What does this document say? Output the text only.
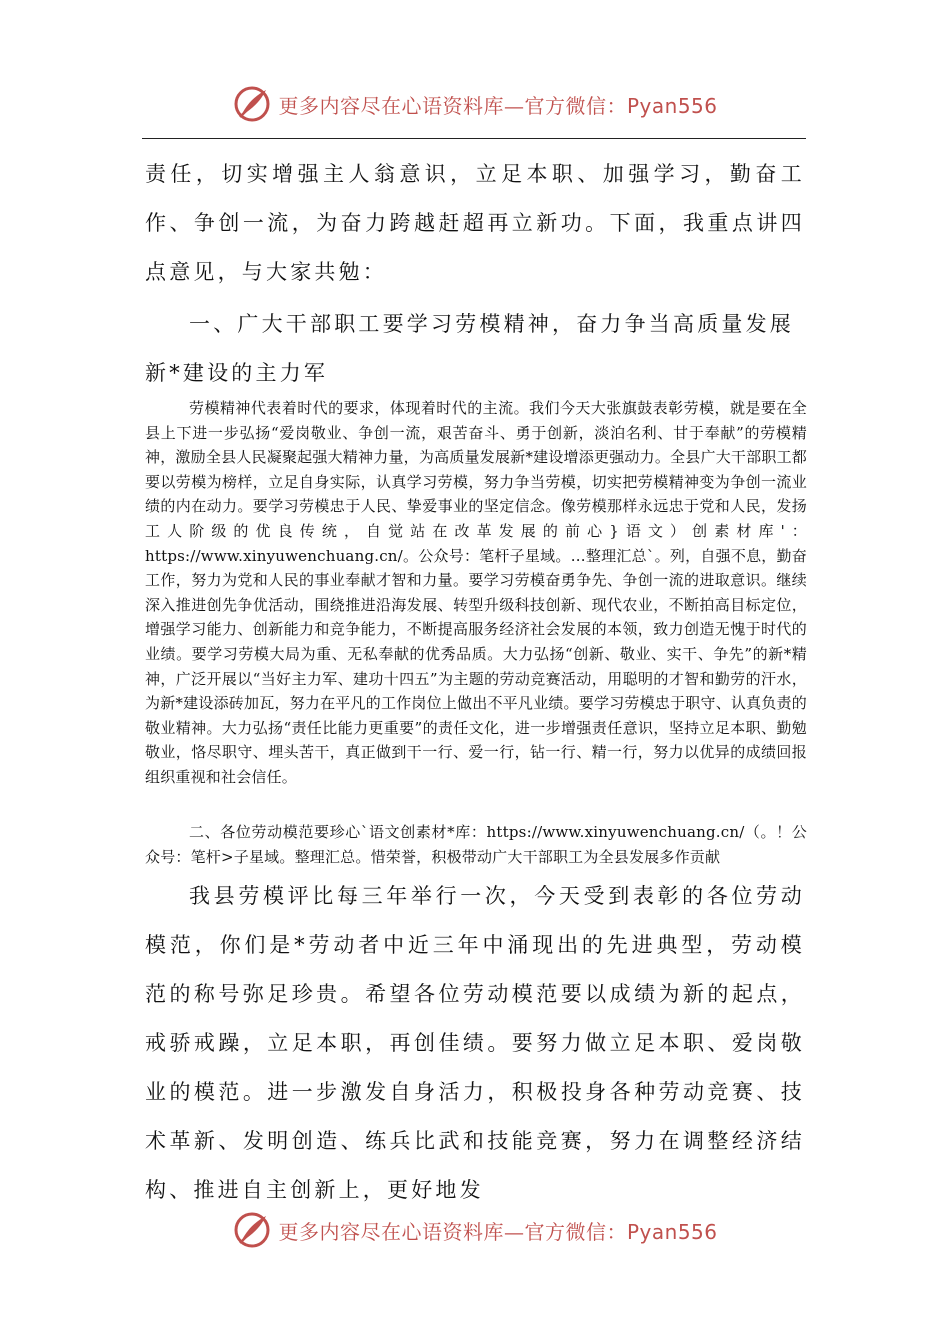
更多内容尽在心语资料库—官方微信：Pyan556

责任，切实增强主人翁意识，立足本职、加强学习，勤奋工作、争创一流，为奋力跨越赶超再立新功。下面，我重点讲四点意见，与大家共勉：

一、广大干部职工要学习劳模精神，奋力争当高质量发展新*建设的主力军

劳模精神代表着时代的要求，体现着时代的主流。我们今天大张旗鼓表彰劳模，就是要在全县上下进一步弘扬“爱岗敬业、争创一流，艰苦奋斗、勇于创新，淡泊名利、甘于奉献”的劳模精神，激励全县人民凝聚起强大精神力量，为高质量发展新*建设增添更强动力。全县广大干部职工都要以劳模为榜样，立足自身实际，认真学习劳模，努力争当劳模，切实把劳模精神变为争创一流业绩的内在动力。要学习劳模忠于人民、挚爱事业的坚定信念。像劳模那样永远忠于党和人民，发扬工人阶级的优良传统，自觉站在改革发展的前心}语文）创素材库'：https://www.xinyuwenchuang.cn/。公众号：笔杆子星域。…整理汇总`。列，自强不息，勤奋工作，努力为党和人民的事业奉献才智和力量。要学习劳模奋勇争先、争创一流的进取意识。继续深入推进创先争优活动，围绕推进沿海发展、转型升级科技创新、现代农业，不断拍高目标定位，增强学习能力、创新能力和竞争能力，不断提高服务经济社会发展的本领，致力创造无愧于时代的业绩。要学习劳模大局为重、无私奉献的优秀品质。大力弘扬“创新、敬业、实干、争先”的新*精神，广泛开展以“当好主力军、建功十四五”为主题的劳动竞赛活动，用聪明的才智和勤劳的汗水，为新*建设添砖加瓦，努力在平凡的工作岗位上做出不平凡业绩。要学习劳模忠于职守、认真负责的敬业精神。大力弘扬“责任比能力更重要”的责任文化，进一步增强责任意识，坚持立足本职、勤勉敬业，恪尽职守、埋头苦干，真正做到干一行、爱一行，钻一行、精一行，努力以优异的成绩回报组织重视和社会信任。

二、各位劳动模范要珍心`语文创素材*库：https://www.xinyuwenchuang.cn/（。！公众号：笔杆>子星域。整理汇总。惜荣誉，积极带动广大干部职工为全县发展多作贡献

我县劳模评比每三年举行一次，今天受到表彰的各位劳动模范，你们是*劳动者中近三年中涌现出的先进典型，劳动模范的称号弥足珍贵。希望各位劳动模范要以成绩为新的起点，戒骄戒躁，立足本职，再创佳绩。要努力做立足本职、爱岗敬业的模范。进一步激发自身活力，积极投身各种劳动竞赛、技术革新、发明创造、练兵比武和技能竞赛，努力在调整经济结构、推进自主创新上，更好地发

更多内容尽在心语资料库—官方微信：Pyan556
